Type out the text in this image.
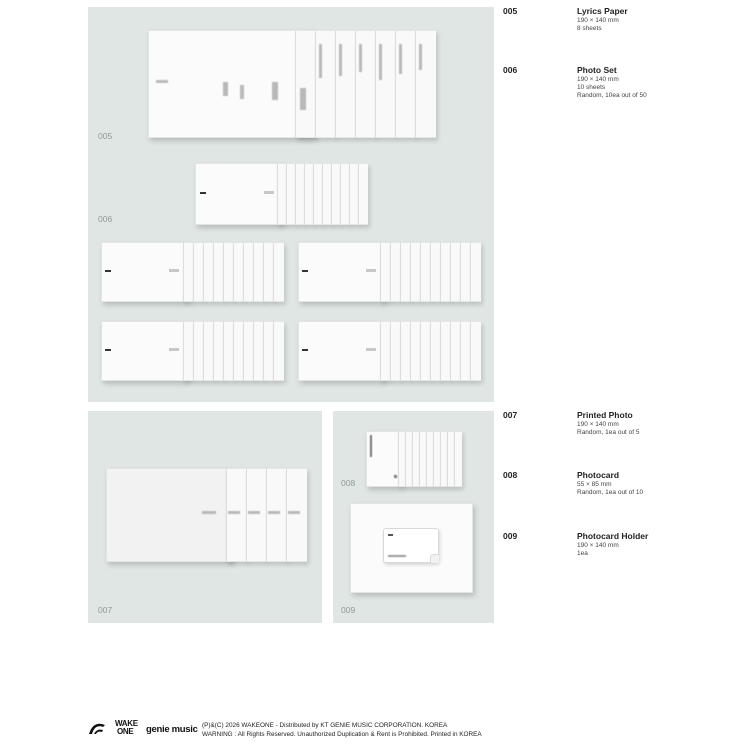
005
006
007
008
009
005	Lyrics Paper
190 × 140 mm
8 sheets
006	Photo Set
190 × 140 mm
10 sheets
Random, 10ea out of 50
007	Printed Photo
190 × 140 mm
Random, 1ea out of 5
008	Photocard
55 × 85 mm
Random, 1ea out of 10
009	Photocard Holder
190 × 140 mm
1ea
WAKE
ONE	genie music (P)&(C) 2026 WAKEONE - Distributed by KT GENIE MUSIC CORPORATION. KOREA
WARNING : All Rights Reserved. Unauthorized Duplication & Rent is Prohibited. Printed in KOREA
